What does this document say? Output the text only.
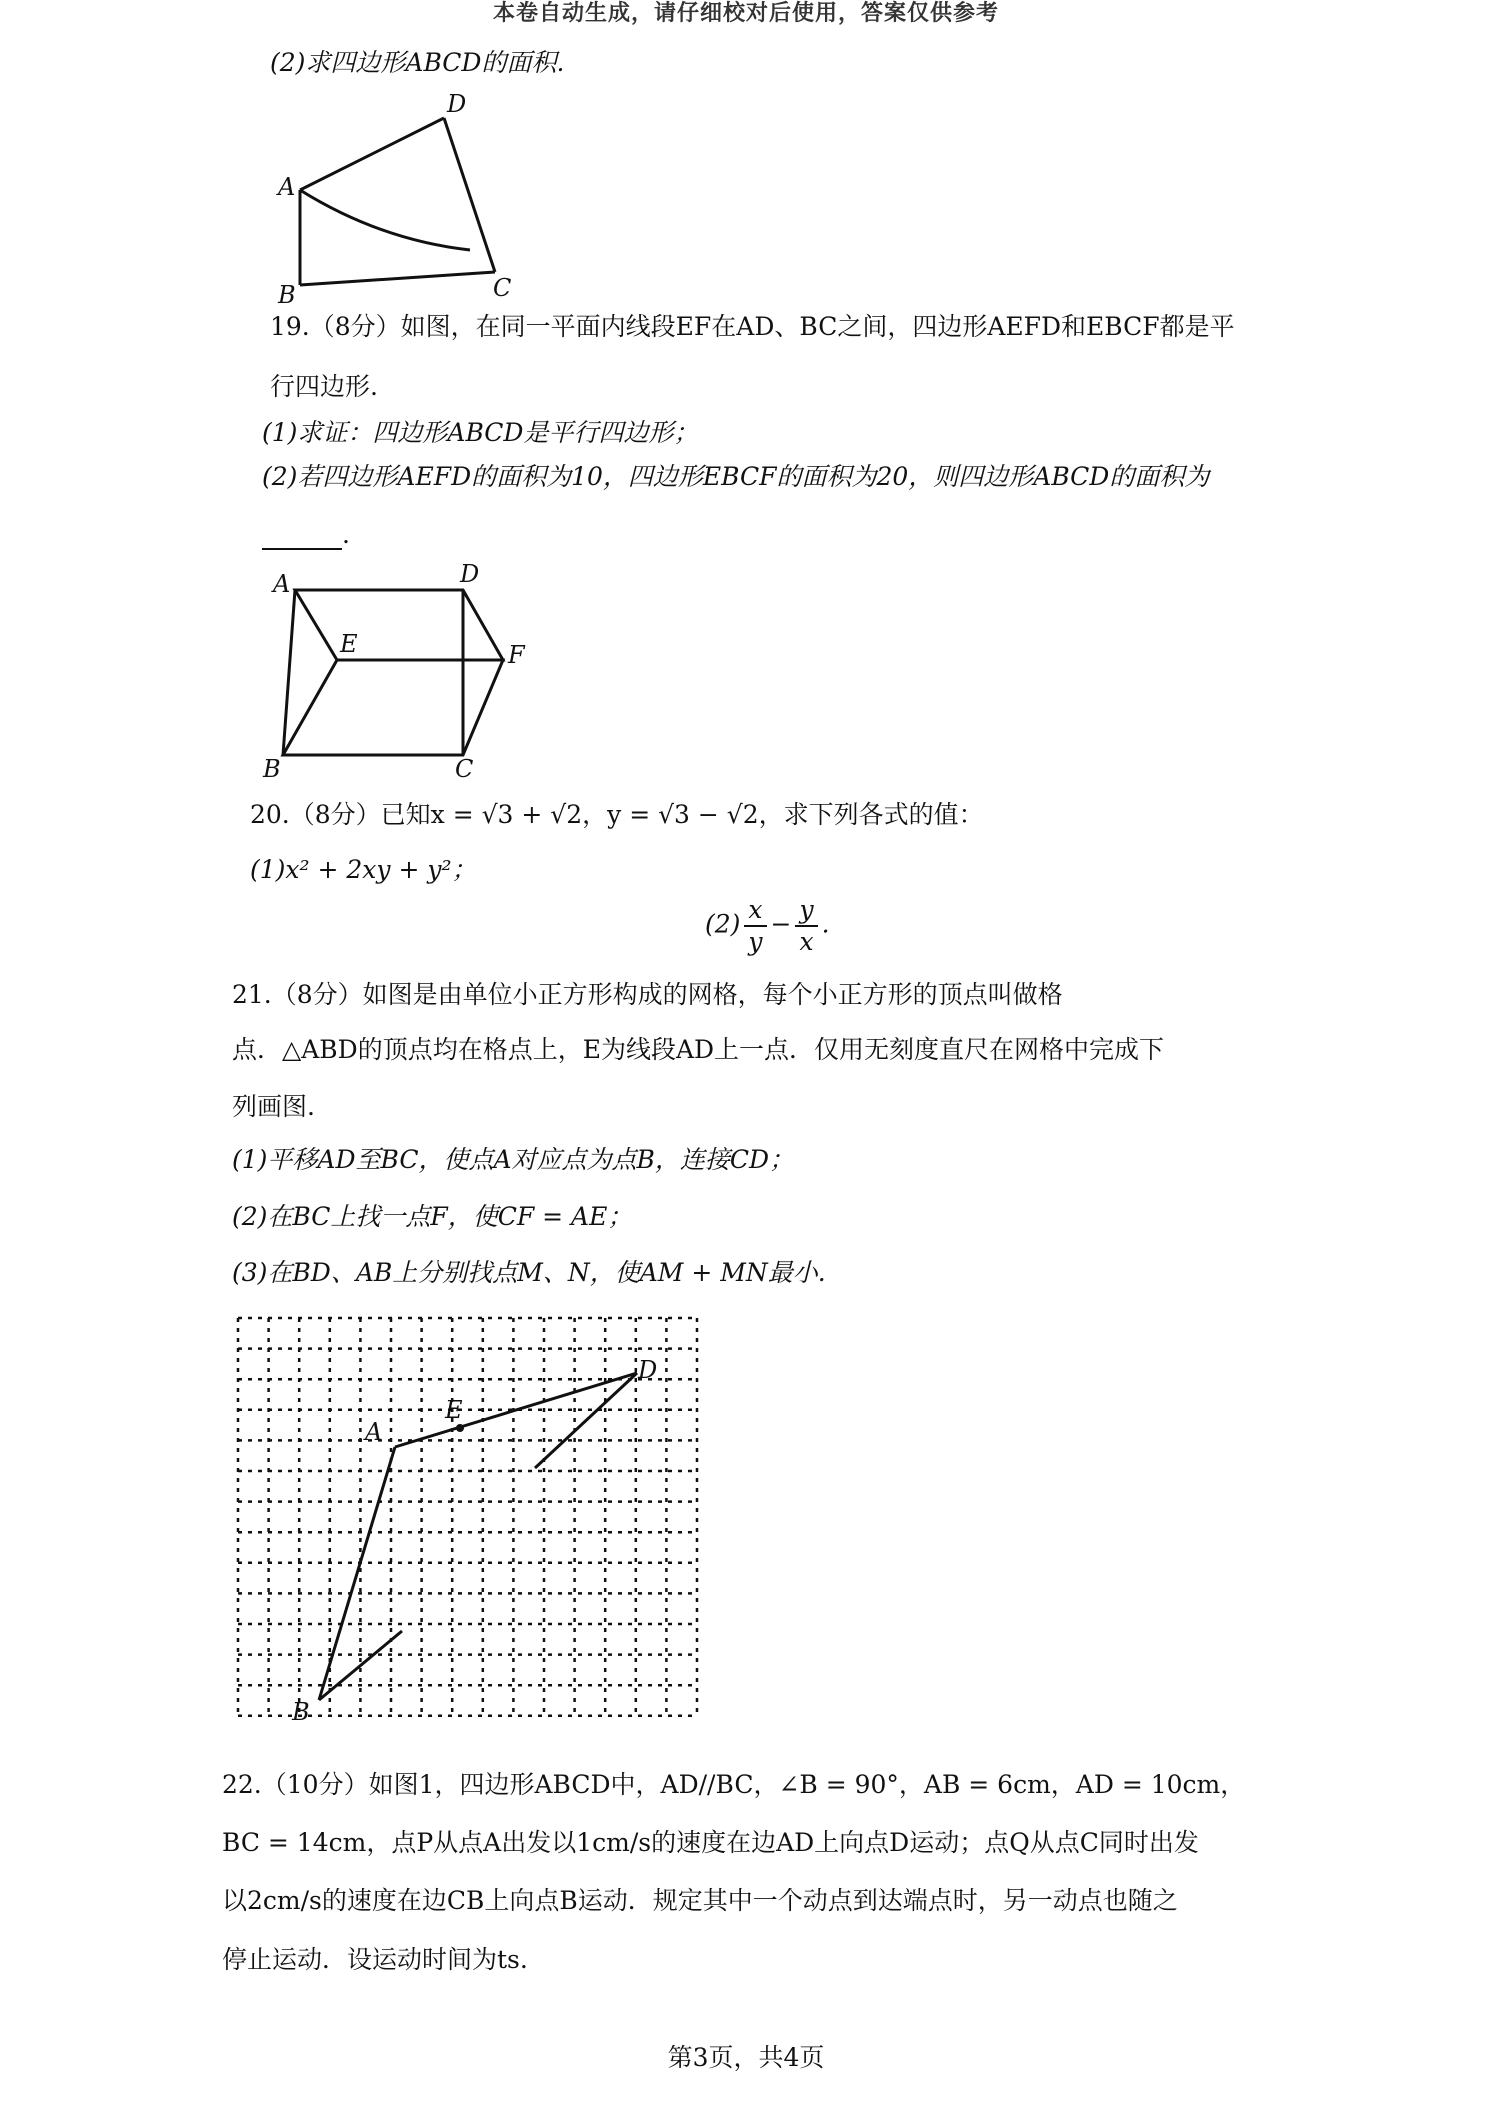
本卷自动生成，请仔细校对后使用，答案仅供参考
(2)求四边形ABCD的面积.
A
B	C
D
19.（8分）如图，在同一平面内线段EF在AD、BC之间，四边形AEFD和EBCF都是平
行四边形.
(1)求证：四边形ABCD是平行四边形；
(2)若四边形AEFD的面积为10，四边形EBCF的面积为20，则四边形ABCD的面积为
.
A
B	C
D
E	F
20.（8分）已知x = √3 + √2，y = √3 − √2，求下列各式的值：
(1)x² + 2xy + y²；
$(2) \frac{x}{y} - \frac{y}{x}$ .
21.（8分）如图是由单位小正方形构成的网格，每个小正方形的顶点叫做格
点．△ABD的顶点均在格点上，E为线段AD上一点．仅用无刻度直尺在网格中完成下
列画图.
(1)平移AD至BC，使点A对应点为点B，连接CD；
(2)在BC上找一点F，使CF = AE；
(3)在BD、AB上分别找点M、N，使AM + MN最小.
A
B
D
E
22.（10分）如图1，四边形ABCD中，AD//BC，∠B = 90°，AB = 6cm，AD = 10cm，
BC = 14cm，点P从点A出发以1cm/s的速度在边AD上向点D运动；点Q从点C同时出发
以2cm/s的速度在边CB上向点B运动．规定其中一个动点到达端点时，另一动点也随之
停止运动．设运动时间为ts.
第3页，共4页
